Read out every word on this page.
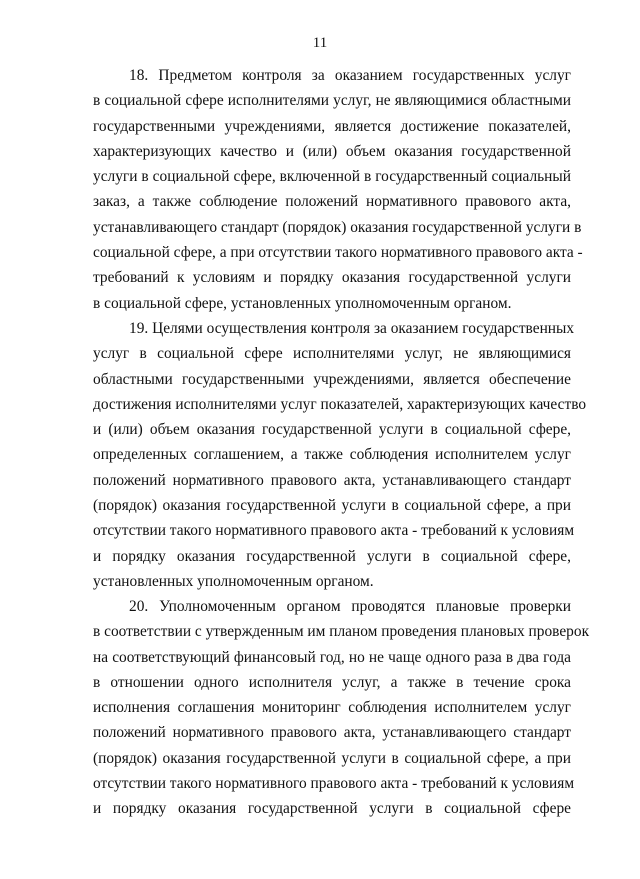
11
18. Предметом контроля за оказанием государственных услуг
в социальной сфере исполнителями услуг, не являющимися областными
государственными учреждениями, является достижение показателей,
характеризующих качество и (или) объем оказания государственной
услуги в социальной сфере, включенной в государственный социальный
заказ, а также соблюдение положений нормативного правового акта,
устанавливающего стандарт (порядок) оказания государственной услуги в
социальной сфере, а при отсутствии такого нормативного правового акта -
требований к условиям и порядку оказания государственной услуги
в социальной сфере, установленных уполномоченным органом.
19. Целями осуществления контроля за оказанием государственных
услуг в социальной сфере исполнителями услуг, не являющимися
областными государственными учреждениями, является обеспечение
достижения исполнителями услуг показателей, характеризующих качество
и (или) объем оказания государственной услуги в социальной сфере,
определенных соглашением, а также соблюдения исполнителем услуг
положений нормативного правового акта, устанавливающего стандарт
(порядок) оказания государственной услуги в социальной сфере, а при
отсутствии такого нормативного правового акта - требований к условиям
и порядку оказания государственной услуги в социальной сфере,
установленных уполномоченным органом.
20. Уполномоченным органом проводятся плановые проверки
в соответствии с утвержденным им планом проведения плановых проверок
на соответствующий финансовый год, но не чаще одного раза в два года
в отношении одного исполнителя услуг, а также в течение срока
исполнения соглашения мониторинг соблюдения исполнителем услуг
положений нормативного правового акта, устанавливающего стандарт
(порядок) оказания государственной услуги в социальной сфере, а при
отсутствии такого нормативного правового акта - требований к условиям
и порядку оказания государственной услуги в социальной сфере
